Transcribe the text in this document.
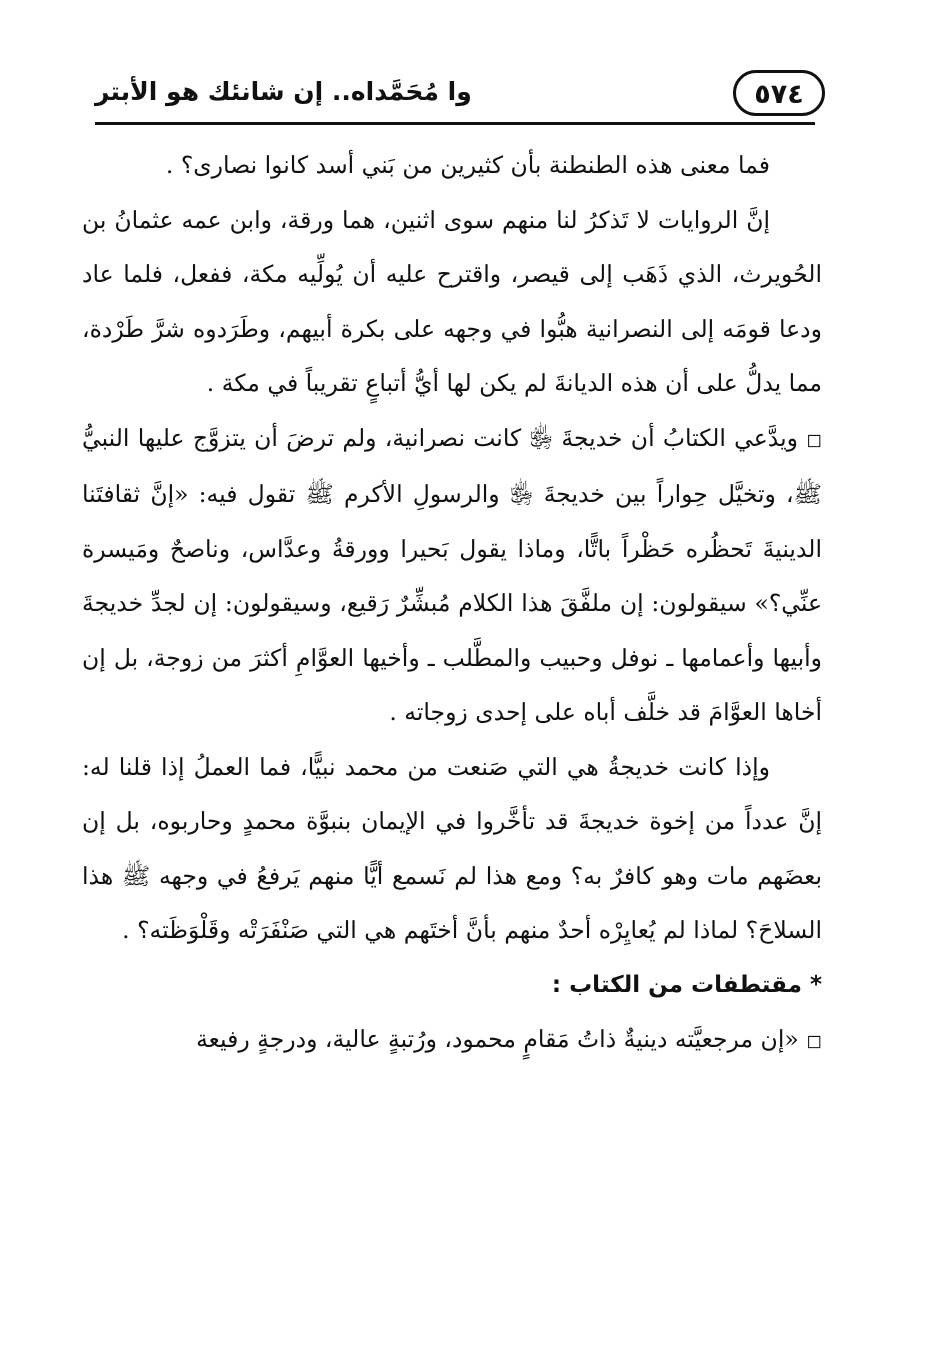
٥٧٤
وا مُحَمَّداه.. إن شانئك هو الأبتر

فما معنى هذه الطنطنة بأن كثيرين من بَني أسد كانوا نصارى؟ .

إنَّ الروايات لا تَذكرُ لنا منهم سوى اثنين، هما ورقة، وابن عمه عثمانُ بن الحُويرث، الذي ذَهَب إلى قيصر، واقترح عليه أن يُولِّيه مكة، ففعل، فلما عاد ودعا قومَه إلى النصرانية هبُّوا في وجهه على بكرة أبيهم، وطَرَدوه شرَّ طَرْدة، مما يدلُّ على أن هذه الديانةَ لم يكن لها أيُّ أتباعٍ تقريباً في مكة .

◻ ويدَّعي الكتابُ أن خديجةَ ﵂ كانت نصرانية، ولم ترضَ أن يتزوَّج عليها النبيُّ ﷺ، وتخيَّل حِواراً بين خديجةَ ﵂ والرسولِ الأكرم ﷺ تقول فيه: «إنَّ ثقافتَنا الدينيةَ تَحظُره حَظْراً باتًّا، وماذا يقول بَحيرا وورقةُ وعدَّاس، وناصحٌ ومَيسرة عنِّي؟» سيقولون: إن ملفَّقَ هذا الكلام مُبشِّرٌ رَقيع، وسيقولون: إن لجدِّ خديجةَ وأبيها وأعمامها ـ نوفل وحبيب والمطَّلب ـ وأخيها العوَّامِ أكثرَ من زوجة، بل إن أخاها العوَّامَ قد خلَّف أباه على إحدى زوجاته .

وإذا كانت خديجةُ هي التي صَنعت من محمد نبيًّا، فما العملُ إذا قلنا له: إنَّ عدداً من إخوة خديجةَ قد تأخَّروا في الإيمان بنبوَّة محمدٍ وحاربوه، بل إن بعضَهم مات وهو كافرٌ به؟ ومع هذا لم نَسمع أيًّا منهم يَرفعُ في وجهه ﷺ هذا السلاحَ؟ لماذا لم يُعايِرْه أحدٌ منهم بأنَّ أختَهم هي التي صَنْفَرَتْه وقَلْوَظَته؟ .

* مقتطفات من الكتاب :

◻ «إن مرجعيَّته دينيةٌ ذاتُ مَقامٍ محمود، ورُتبةٍ عالية، ودرجةٍ رفيعة
